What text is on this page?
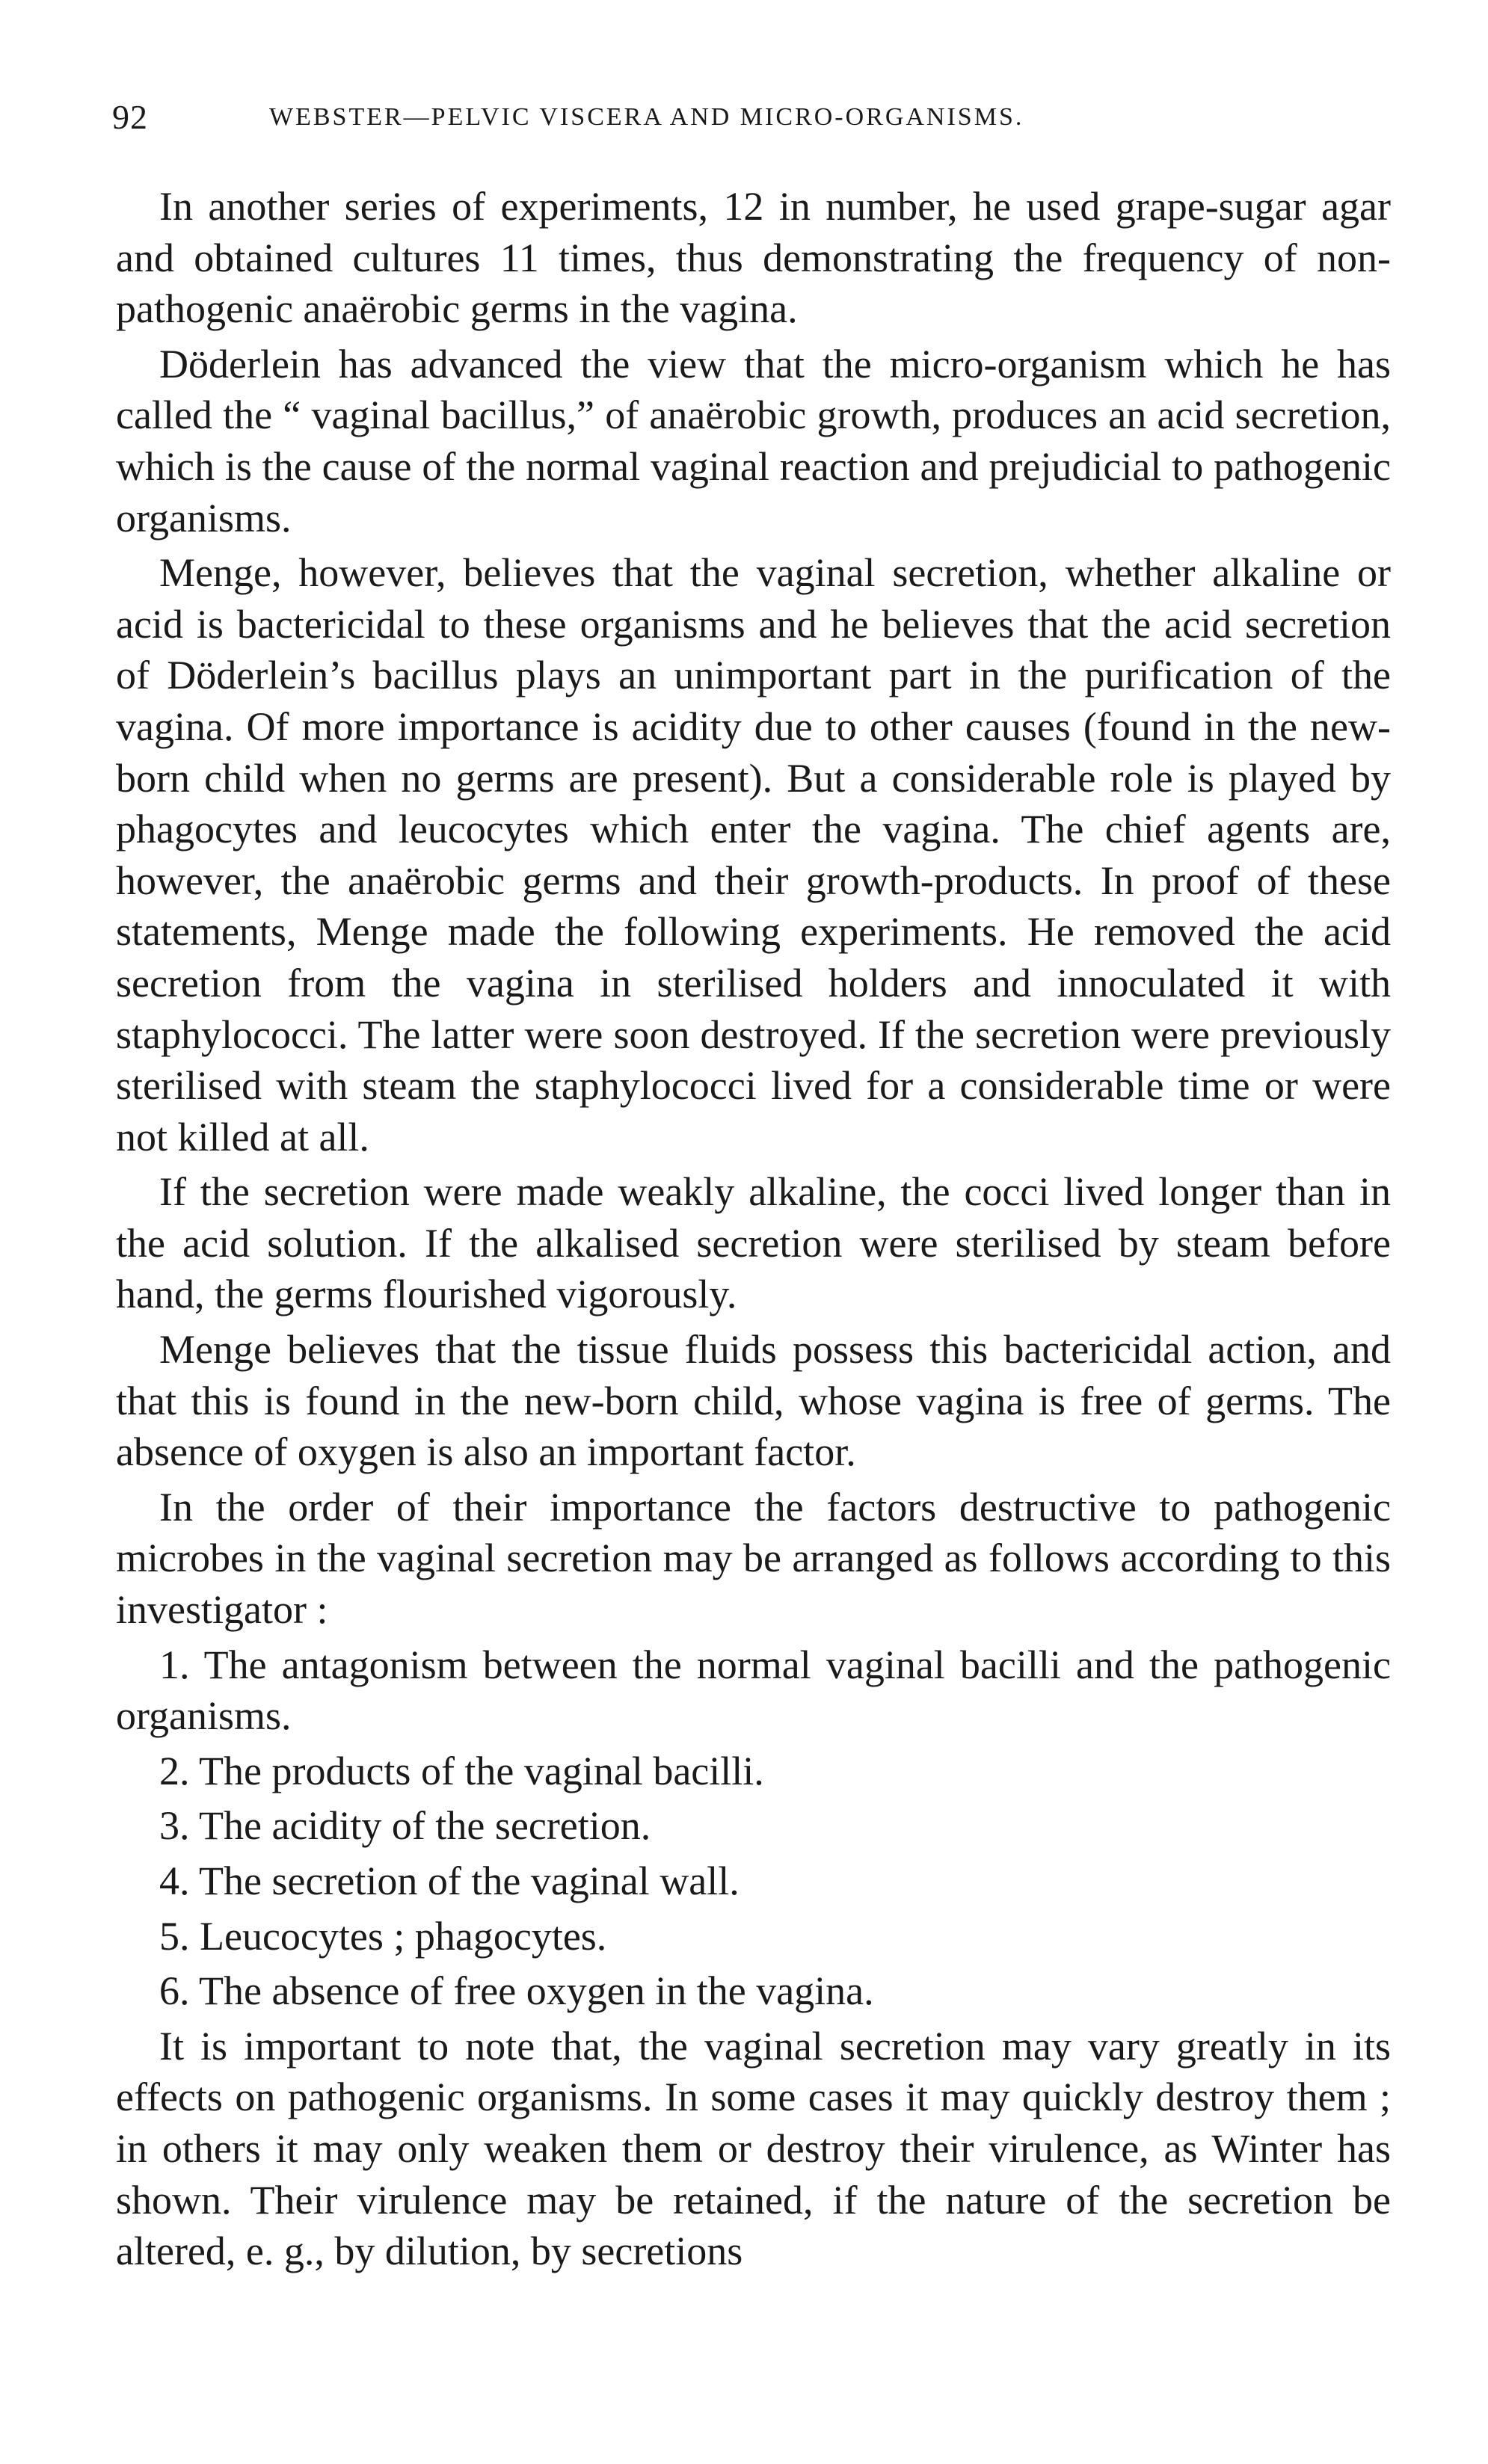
92	WEBSTER—PELVIC VISCERA AND MICRO-ORGANISMS.

In another series of experiments, 12 in number, he used grape-sugar agar and obtained cultures 11 times, thus demonstrating the frequency of non-pathogenic anaërobic germs in the vagina.

Döderlein has advanced the view that the micro-organism which he has called the “ vaginal bacillus,” of anaërobic growth, produces an acid secretion, which is the cause of the normal vaginal reaction and prejudicial to pathogenic organisms.

Menge, however, believes that the vaginal secretion, whether alkaline or acid is bactericidal to these organisms and he believes that the acid secretion of Döderlein’s bacillus plays an unimportant part in the purification of the vagina. Of more importance is acidity due to other causes (found in the new-born child when no germs are present). But a considerable role is played by phagocytes and leucocytes which enter the vagina. The chief agents are, however, the anaërobic germs and their growth-products. In proof of these statements, Menge made the following experiments. He removed the acid secretion from the vagina in sterilised holders and innoculated it with staphylococci. The latter were soon destroyed. If the secretion were previously sterilised with steam the staphylococci lived for a considerable time or were not killed at all.

If the secretion were made weakly alkaline, the cocci lived longer than in the acid solution. If the alkalised secretion were sterilised by steam before hand, the germs flourished vigorously.

Menge believes that the tissue fluids possess this bactericidal action, and that this is found in the new-born child, whose vagina is free of germs. The absence of oxygen is also an important factor.

In the order of their importance the factors destructive to pathogenic microbes in the vaginal secretion may be arranged as follows according to this investigator :

1. The antagonism between the normal vaginal bacilli and the pathogenic organisms.

2. The products of the vaginal bacilli.

3. The acidity of the secretion.

4. The secretion of the vaginal wall.

5. Leucocytes ; phagocytes.

6. The absence of free oxygen in the vagina.

It is important to note that, the vaginal secretion may vary greatly in its effects on pathogenic organisms. In some cases it may quickly destroy them ; in others it may only weaken them or destroy their virulence, as Winter has shown. Their virulence may be retained, if the nature of the secretion be altered, e. g., by dilution, by secretions
